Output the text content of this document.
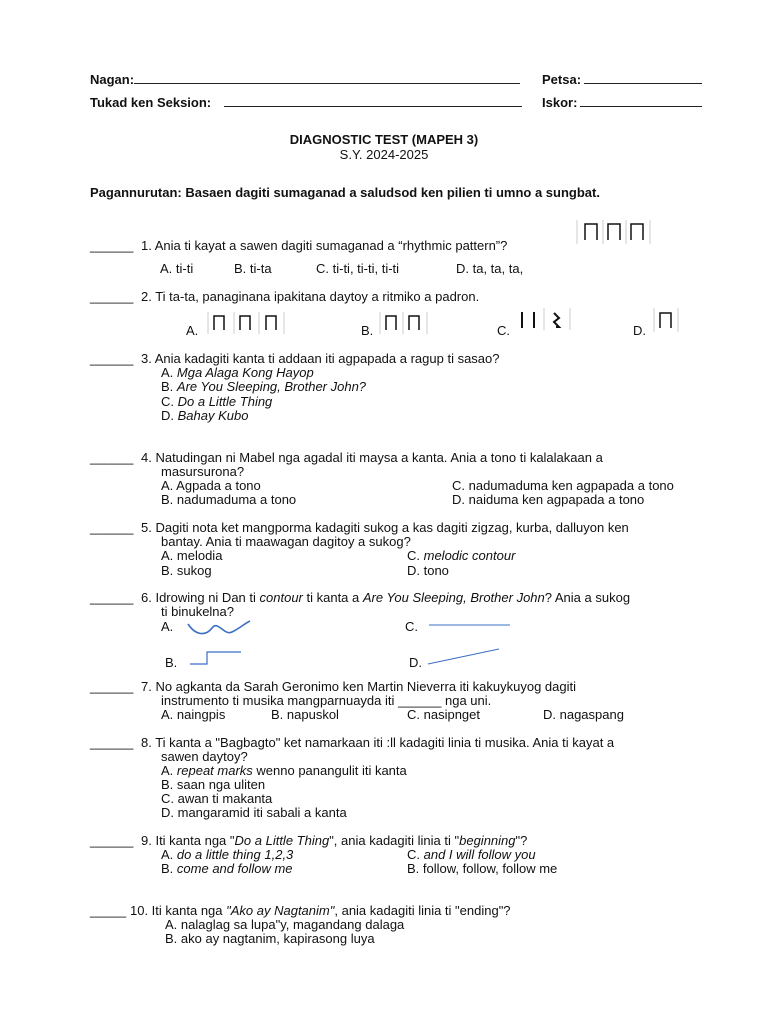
Nagan:	Petsa:
Tukad ken Seksion:	Iskor:
DIAGNOSTIC TEST (MAPEH 3)
S.Y. 2024-2025
Pagannurutan: Basaen dagiti sumaganad a saludsod ken pilien ti umno a sungbat.
______ 1. Ania ti kayat a sawen dagiti sumaganad a “rhythmic pattern”?
A. ti-ti	B. ti-ta	C. ti-ti, ti-ti, ti-ti	D. ta, ta, ta,
______ 2. Ti ta-ta, panaginana ipakitana daytoy a ritmiko a padron.
A.	B.	C.	D.
______ 3. Ania kadagiti kanta ti addaan iti agpapada a ragup ti sasao?
A. Mga Alaga Kong Hayop
B. Are You Sleeping, Brother John?
C. Do a Little Thing
D. Bahay Kubo
______ 4. Natudingan ni Mabel nga agadal iti maysa a kanta. Ania a tono ti kalalakaan a
masursurona?
A. Agpada a tono	C. nadumaduma ken agpapada a tono
B. nadumaduma a tono	D. naiduma ken agpapada a tono
______ 5. Dagiti nota ket mangporma kadagiti sukog a kas dagiti zigzag, kurba, dalluyon ken
bantay. Ania ti maawagan dagitoy a sukog?
A. melodia	C. melodic contour
B. sukog	D. tono
______ 6. Idrowing ni Dan ti contour ti kanta a Are You Sleeping, Brother John? Ania a sukog
ti binukelna?
A.	C.
B.	D.
______ 7. No agkanta da Sarah Geronimo ken Martin Nieverra iti kakuykuyog dagiti
instrumento ti musika mangparnuayda iti ______ nga uni.
A. naingpis	B. napuskol	C. nasipnget	D. nagaspang
______ 8. Ti kanta a "Bagbagto" ket namarkaan iti :ll kadagiti linia ti musika. Ania ti kayat a
sawen daytoy?
A. repeat marks wenno panangulit iti kanta
B. saan nga uliten
C. awan ti makanta
D. mangaramid iti sabali a kanta
______ 9. Iti kanta nga "Do a Little Thing", ania kadagiti linia ti "beginning"?
A. do a little thing 1,2,3	C. and I will follow you
B. come and follow me	B. follow, follow, follow me
_____ 10. Iti kanta nga "Ako ay Nagtanim", ania kadagiti linia ti "ending"?
A. nalaglag sa lupa"y, magandang dalaga
B. ako ay nagtanim, kapirasong luya
